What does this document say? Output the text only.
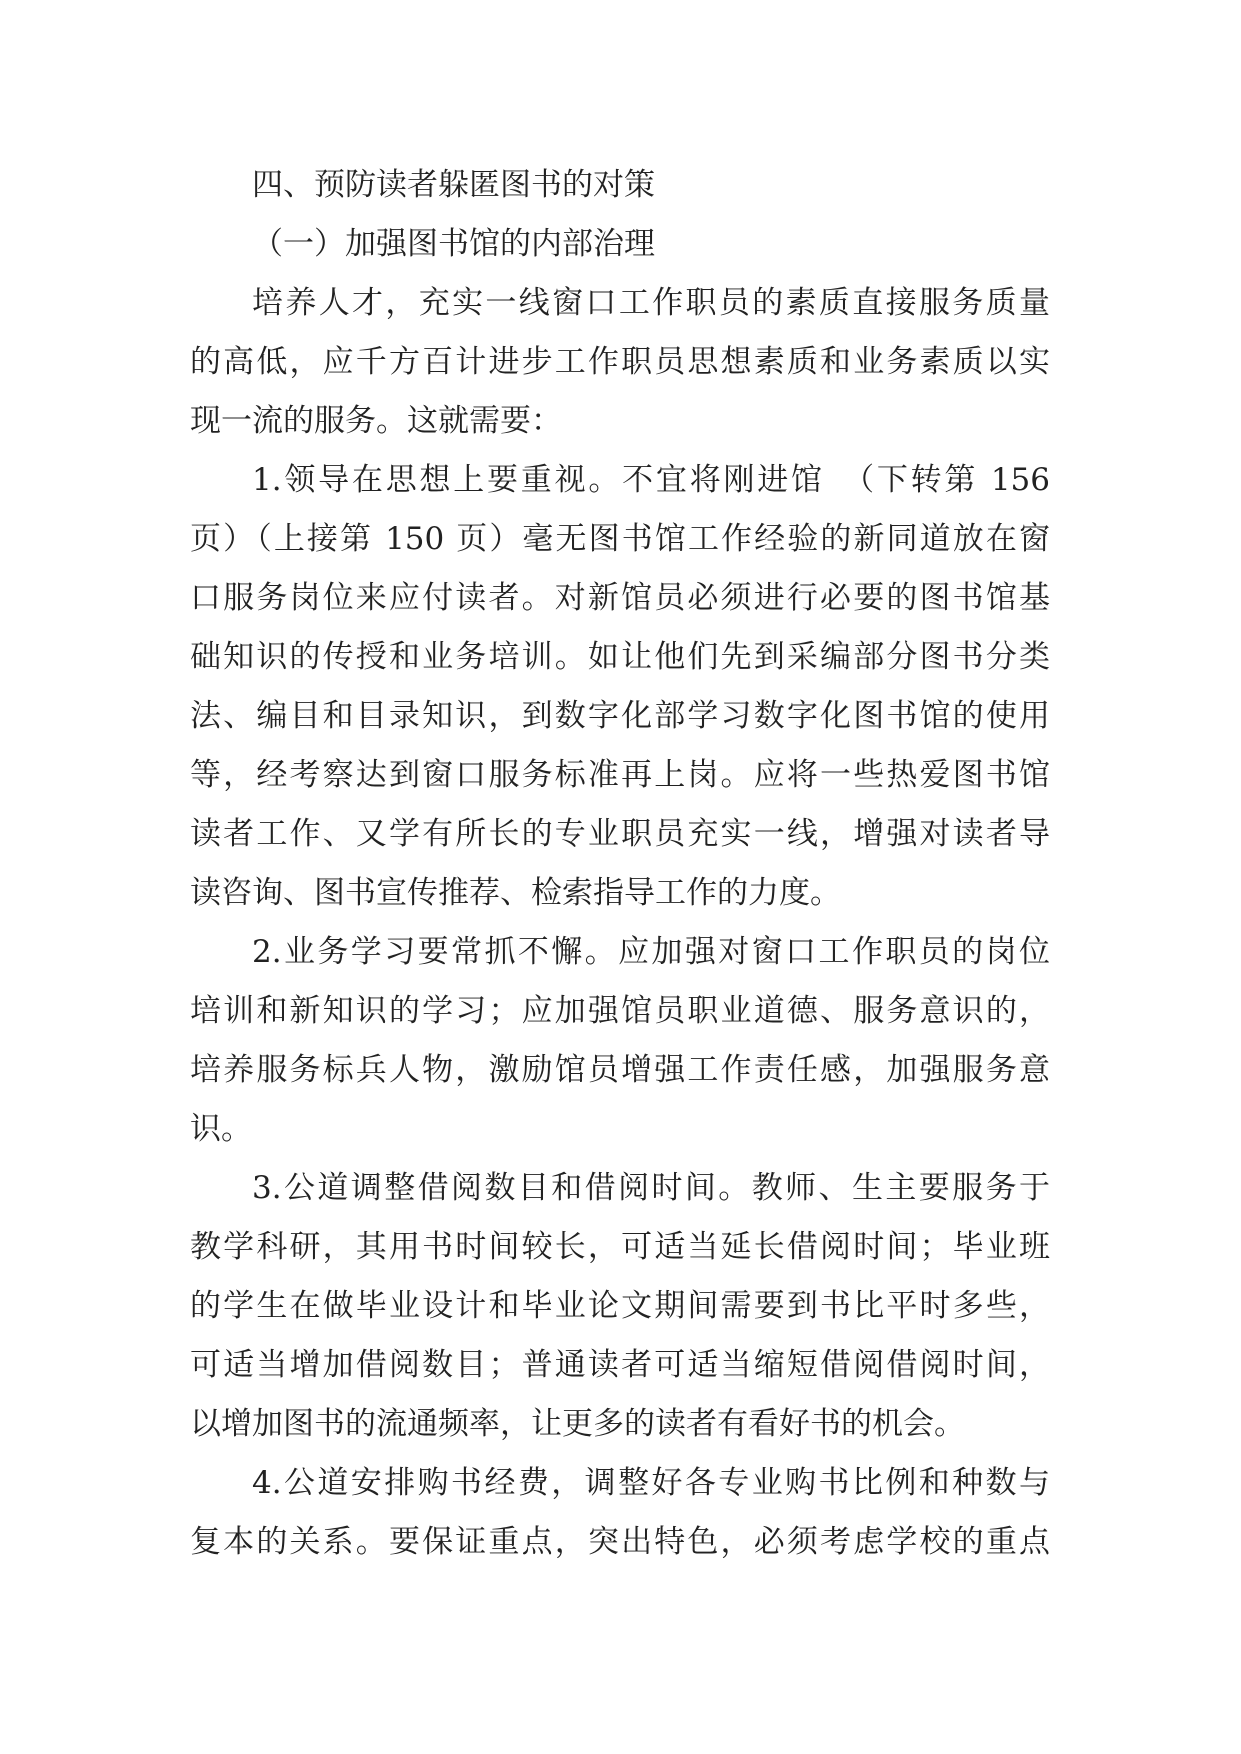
四、预防读者躲匿图书的对策
（一）加强图书馆的内部治理
培养人才，充实一线窗口工作职员的素质直接服务质量
的高低，应千方百计进步工作职员思想素质和业务素质以实
现一流的服务。这就需要：
1.领导在思想上要重视。不宜将刚进馆　（下转第 156
页）（上接第 150 页）毫无图书馆工作经验的新同道放在窗
口服务岗位来应付读者。对新馆员必须进行必要的图书馆基
础知识的传授和业务培训。如让他们先到采编部分图书分类
法、编目和目录知识，到数字化部学习数字化图书馆的使用
等，经考察达到窗口服务标准再上岗。应将一些热爱图书馆
读者工作、又学有所长的专业职员充实一线，增强对读者导
读咨询、图书宣传推荐、检索指导工作的力度。
2.业务学习要常抓不懈。应加强对窗口工作职员的岗位
培训和新知识的学习；应加强馆员职业道德、服务意识的，
培养服务标兵人物，激励馆员增强工作责任感，加强服务意
识。
3.公道调整借阅数目和借阅时间。教师、生主要服务于
教学科研，其用书时间较长，可适当延长借阅时间；毕业班
的学生在做毕业设计和毕业论文期间需要到书比平时多些，
可适当增加借阅数目；普通读者可适当缩短借阅借阅时间，
以增加图书的流通频率，让更多的读者有看好书的机会。
4.公道安排购书经费，调整好各专业购书比例和种数与
复本的关系。要保证重点，突出特色，必须考虑学校的重点
